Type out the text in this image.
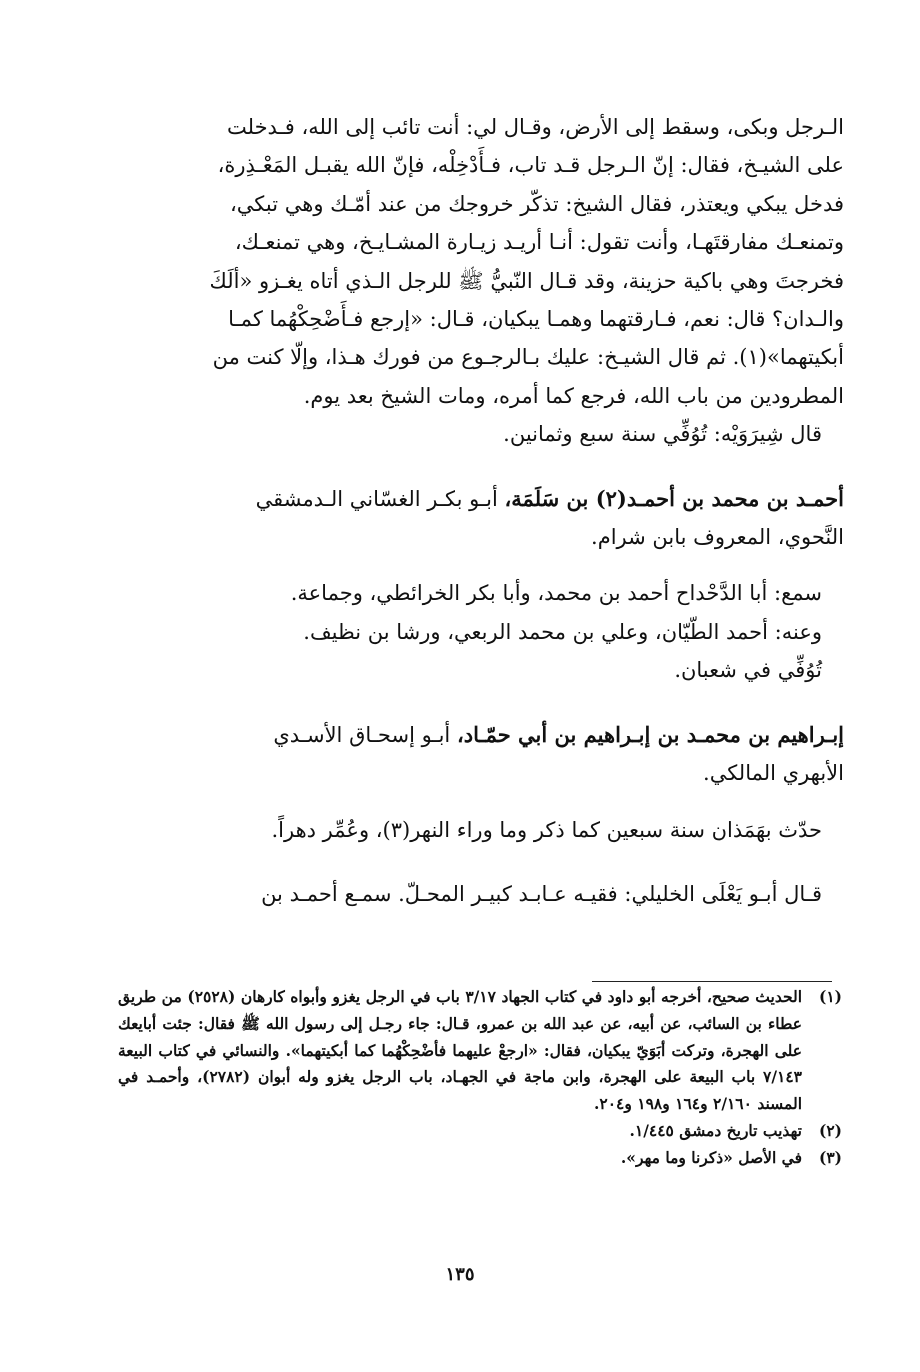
الـرجل وبكى، وسقط إلى الأرض، وقـال لي: أنت تائب إلى الله، فـدخلت

على الشيـخ، فقال: إنّ الـرجل قـد تاب، فـأَدْخِلْه، فإنّ الله يقبـل المَعْـذِرة،

فدخل يبكي ويعتذر، فقال الشيخ: تذكّر خروجك من عند أمّـك وهي تبكي،

وتمنعـك مفارقتَهـا، وأنت تقول: أنـا أريـد زيـارة المشـايـخ، وهي تمنعـك،

فخرجتَ وهي باكية حزينة، وقد قـال النّبيُّ ﷺ للرجل الـذي أتاه يغـزو «ألَكَ

والـدان؟ قال: نعم، فـارقتهما وهمـا يبكيان، قـال: «إرجع فـأَضْحِكْهُما كمـا

أبكيتهما»(١). ثم قال الشيـخ: عليك بـالرجـوع من فورك هـذا، وإلّا كنت من

المطرودين من باب الله، فرجع كما أمره، ومات الشيخ بعد يوم.

قال شِيرَوَيْه: تُوُفِّي سنة سبع وثمانين.

أحمـد بن محمد بن أحمـد(٢) بن سَلَمَة، أبـو بكـر الغسّاني الـدمشقي

النَّحوي، المعروف بابن شرام.

سمع: أبا الدَّحْداح أحمد بن محمد، وأبا بكر الخرائطي، وجماعة.

وعنه: أحمد الطّيّان، وعلي بن محمد الربعي، ورشا بن نظيف.

تُوُفِّي في شعبان.

إبـراهيم بن محمـد بن إبـراهيم بن أبي حمّـاد، أبـو إسحـاق الأسـدي

الأبهري المالكي.

حدّث بهَمَذان سنة سبعين كما ذكر وما وراء النهر(٣)، وعُمِّر دهراً.

قـال أبـو يَعْلَى الخليلي: فقيـه عـابـد كبيـر المحـلّ. سمـع أحمـد بن

(١)
الحديث صحيح، أخرجه أبو داود في كتاب الجهاد ٣/١٧ باب في الرجل يغزو وأبواه كارهان (٢٥٢٨) من طريق عطاء بن السائب، عن أبيه، عن عبد الله بن عمرو، قـال: جاء رجـل إلى رسول الله ﷺ فقال: جئت أبايعك على الهجرة، وتركت أبَوَيّ يبكيان، فقال: «ارجعْ عليهما فأضْحِكْهُما كما أبكيتهما». والنسائي في كتاب البيعة ٧/١٤٣ باب البيعة على الهجرة، وابن ماجة في الجهـاد، باب الرجل يغزو وله أبوان (٢٧٨٢)، وأحمـد في المسند ٢/١٦٠ و١٦٤ و١٩٨ و٢٠٤.
(٢)
تهذيب تاريخ دمشق ١/٤٤٥.
(٣)
في الأصل «ذكرنا وما مهر».
١٣٥
